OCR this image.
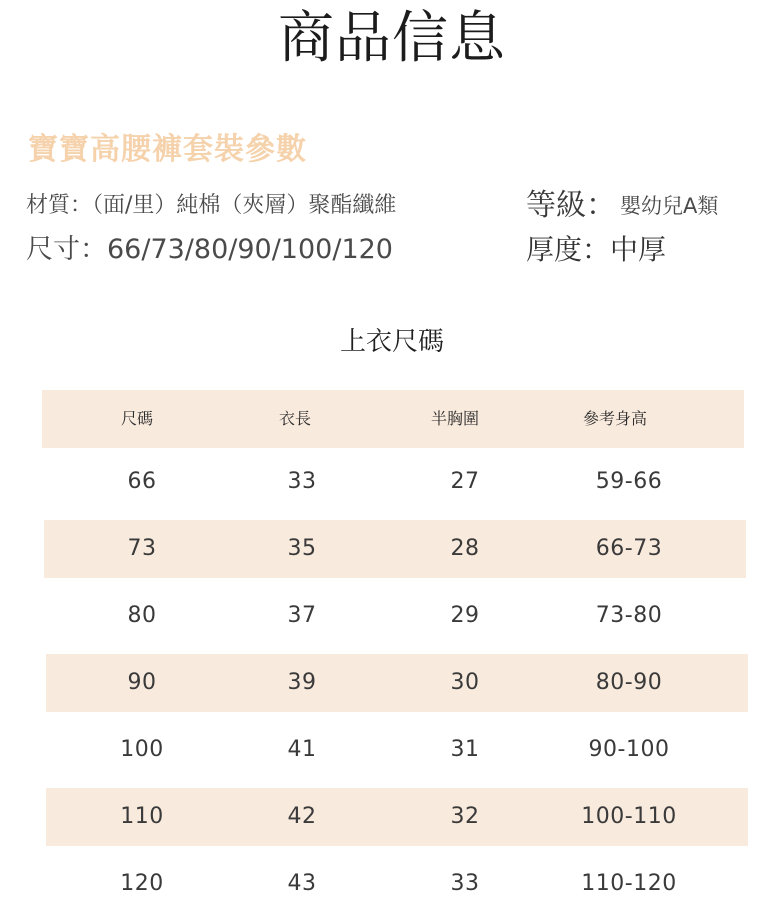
商品信息
寶寶高腰褲套裝參數
材質：（面/里）純棉（夾層）聚酯纖維
尺寸：66/73/80/90/100/120
等級： 嬰幼兒A類
厚度：中厚
上衣尺碼
尺碼	衣長	半胸圍	參考身高
66	33	27	59-66
73	35	28	66-73
80	37	29	73-80
90	39	30	80-90
100	41	31	90-100
110	42	32	100-110
120	43	33	110-120
